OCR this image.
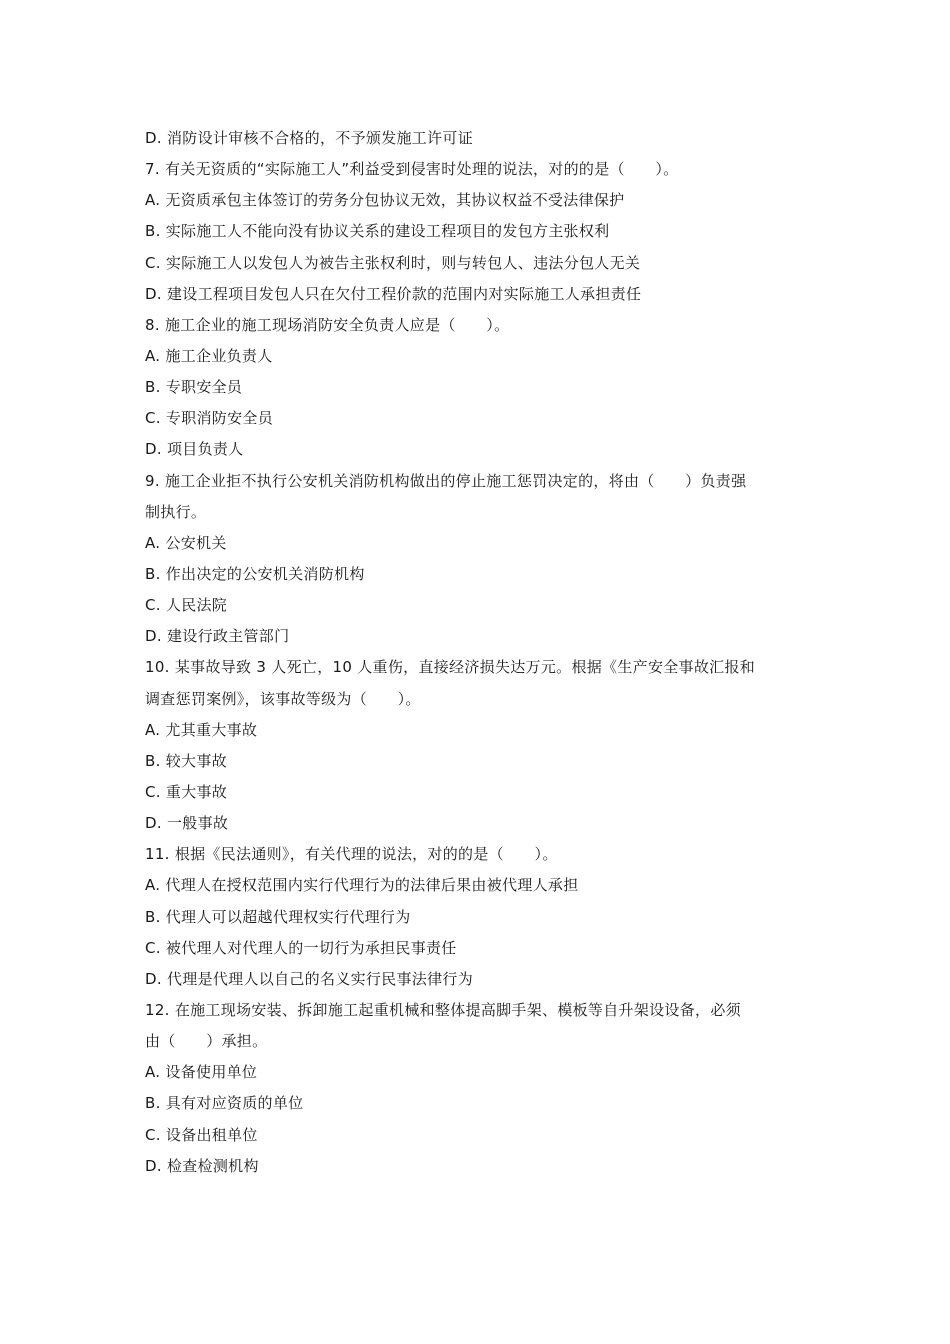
D. 消防设计审核不合格的，不予颁发施工许可证
7. 有关无资质的“实际施工人”利益受到侵害时处理的说法，对的的是（　　）。
A. 无资质承包主体签订的劳务分包协议无效，其协议权益不受法律保护
B. 实际施工人不能向没有协议关系的建设工程项目的发包方主张权利
C. 实际施工人以发包人为被告主张权利时，则与转包人、违法分包人无关
D. 建设工程项目发包人只在欠付工程价款的范围内对实际施工人承担责任
8. 施工企业的施工现场消防安全负责人应是（　　）。
A. 施工企业负责人
B. 专职安全员
C. 专职消防安全员
D. 项目负责人
9. 施工企业拒不执行公安机关消防机构做出的停止施工惩罚决定的，将由（　　）负责强
制执行。
A. 公安机关
B. 作出决定的公安机关消防机构
C. 人民法院
D. 建设行政主管部门
10. 某事故导致 3 人死亡，10 人重伤，直接经济损失达万元。根据《生产安全事故汇报和
调查惩罚案例》，该事故等级为（　　）。
A. 尤其重大事故
B. 较大事故
C. 重大事故
D. 一般事故
11. 根据《民法通则》，有关代理的说法，对的的是（　　）。
A. 代理人在授权范围内实行代理行为的法律后果由被代理人承担
B. 代理人可以超越代理权实行代理行为
C. 被代理人对代理人的一切行为承担民事责任
D. 代理是代理人以自己的名义实行民事法律行为
12. 在施工现场安装、拆卸施工起重机械和整体提高脚手架、模板等自升架设设备，必须
由（　　）承担。
A. 设备使用单位
B. 具有对应资质的单位
C. 设备出租单位
D. 检查检测机构
